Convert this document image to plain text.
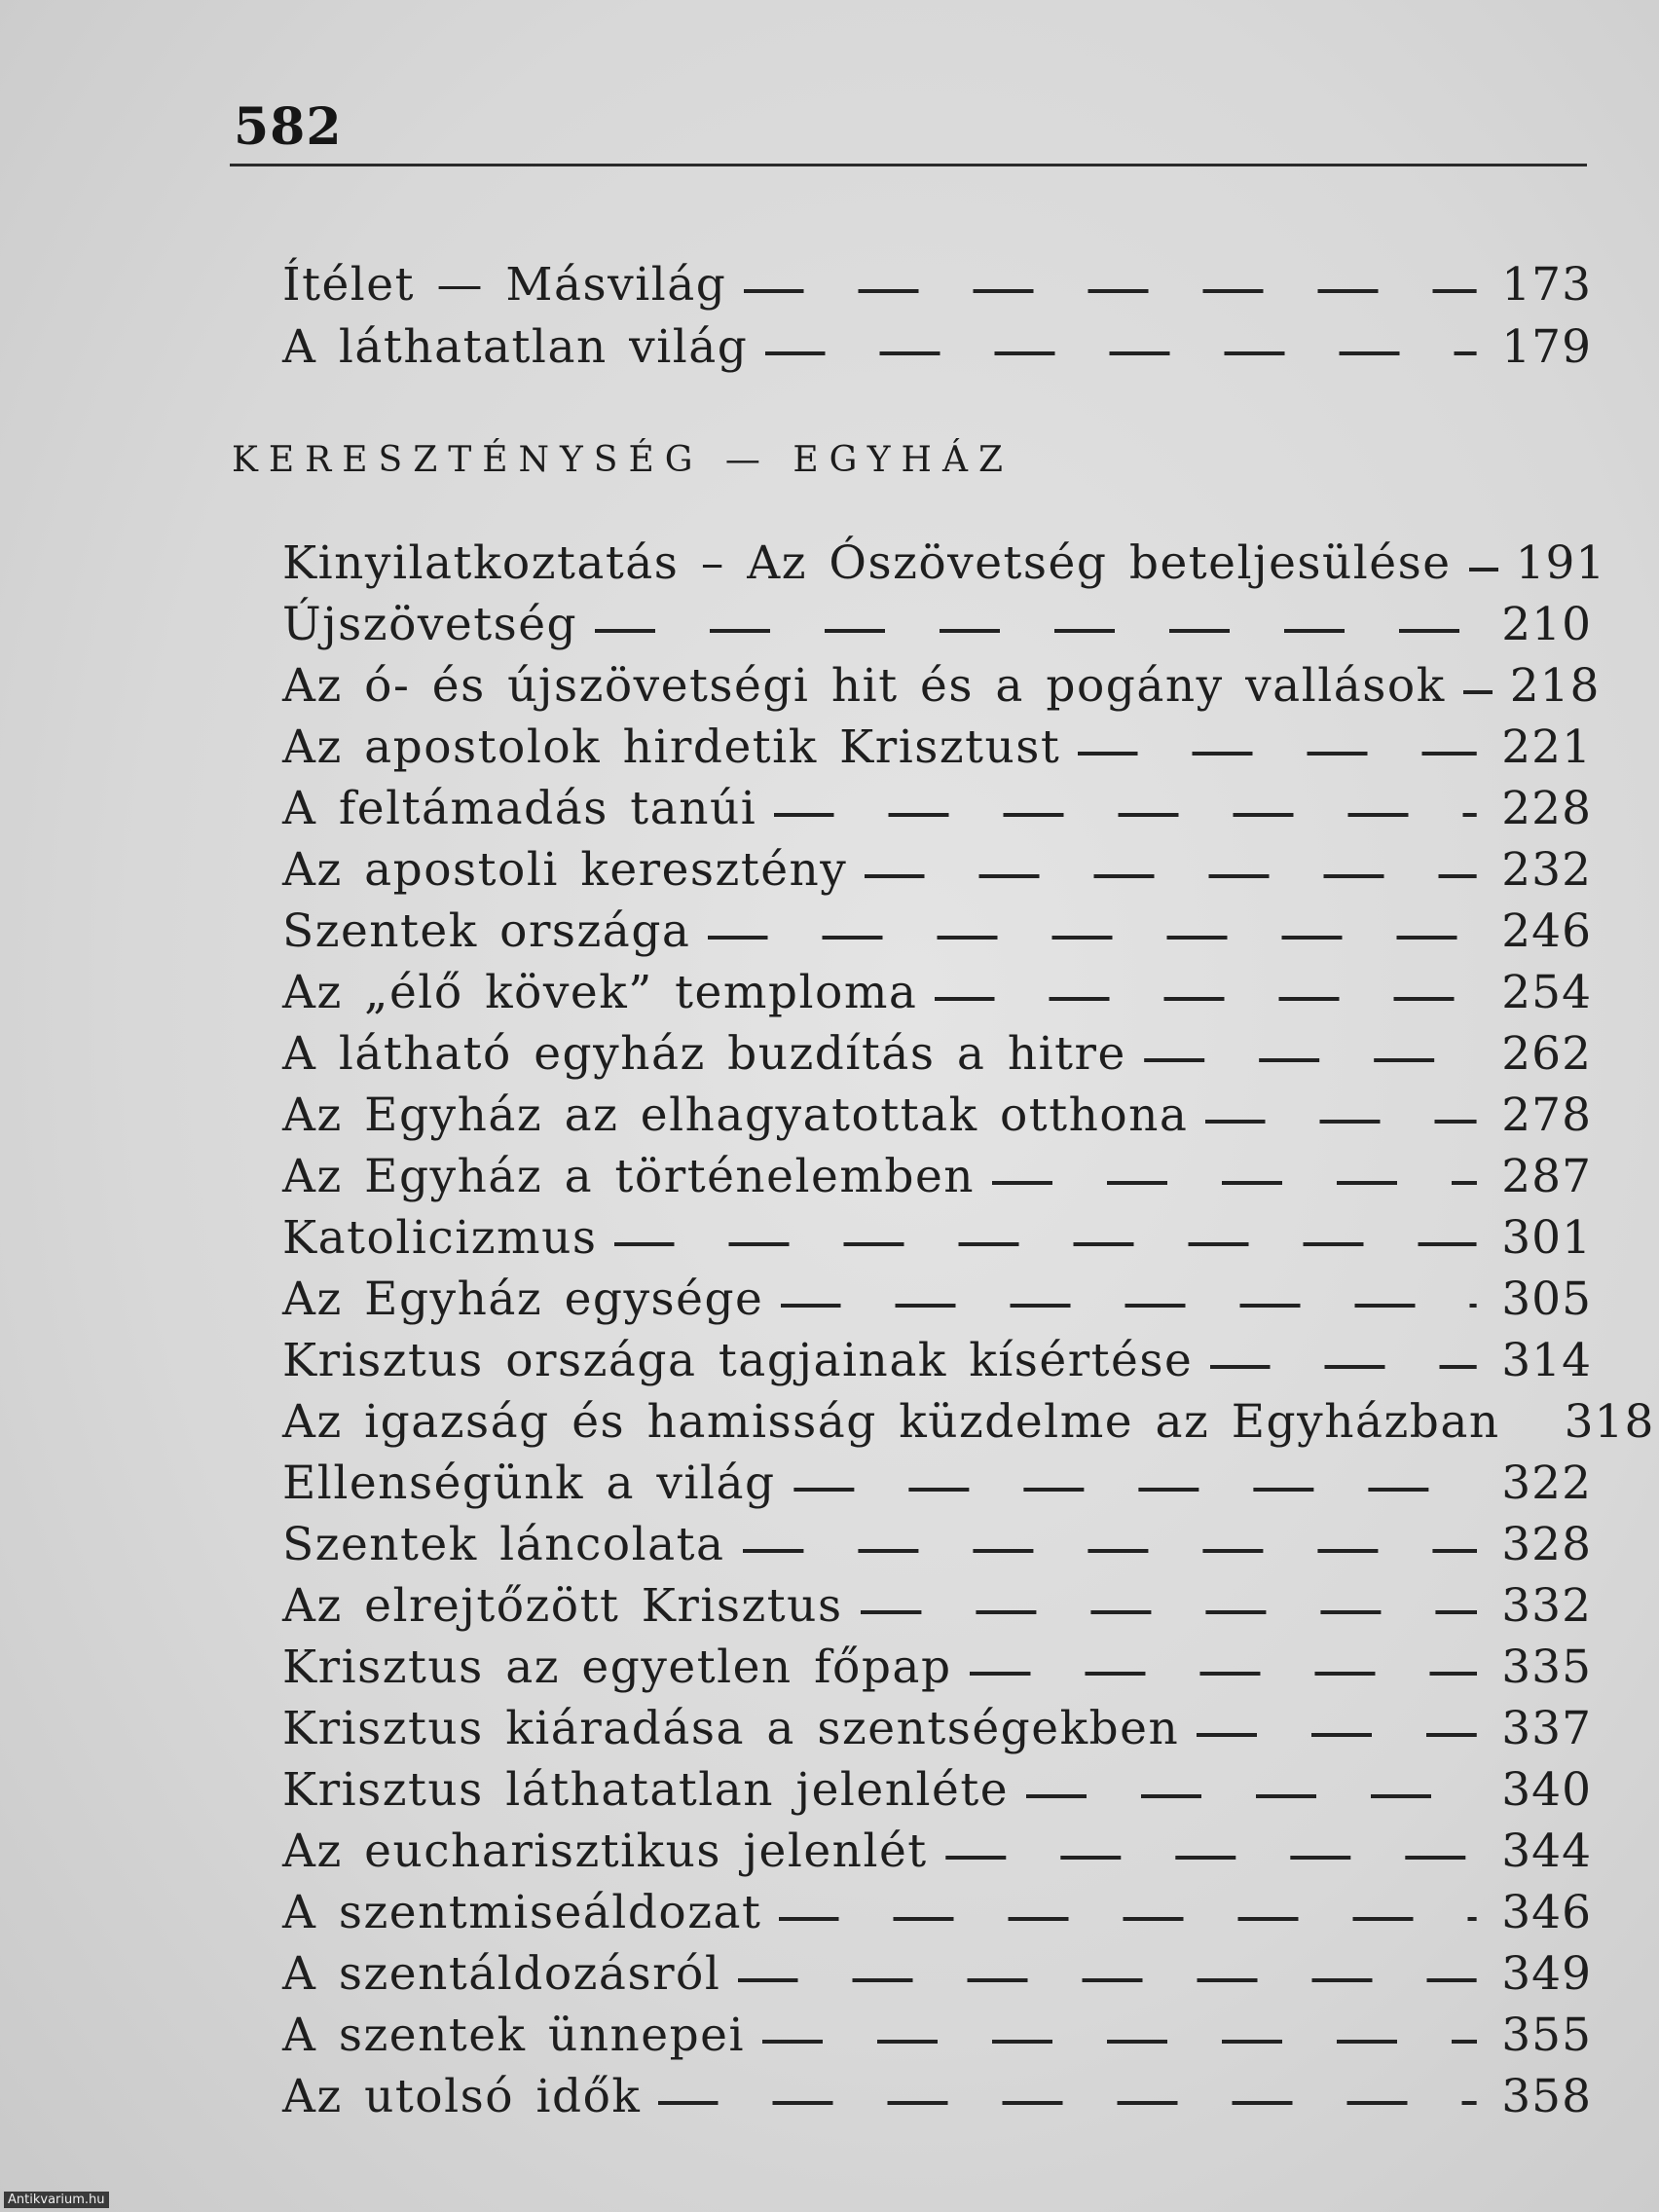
582
Ítélet — Másvilág	173
A láthatatlan világ	179
KERESZTÉNYSÉG — EGYHÁZ
Kinyilatkoztatás – Az Ószövetség beteljesülése 191
Újszövetség	210
Az ó- és újszövetségi hit és a pogány vallások 218
Az apostolok hirdetik Krisztust	221
A feltámadás tanúi	228
Az apostoli keresztény	232
Szentek országa	246
Az „élő kövek” temploma	254
A látható egyház buzdítás a hitre	262
Az Egyház az elhagyatottak otthona	278
Az Egyház a történelemben	287
Katolicizmus	301
Az Egyház egysége	305
Krisztus országa tagjainak kísértése	314
Az igazság és hamisság küzdelme az Egyházban 318
Ellenségünk a világ	322
Szentek láncolata	328
Az elrejtőzött Krisztus	332
Krisztus az egyetlen főpap	335
Krisztus kiáradása a szentségekben	337
Krisztus láthatatlan jelenléte	340
Az eucharisztikus jelenlét	344
A szentmiseáldozat	346
A szentáldozásról	349
A szentek ünnepei	355
Az utolsó idők	358
Antikvarium.hu
